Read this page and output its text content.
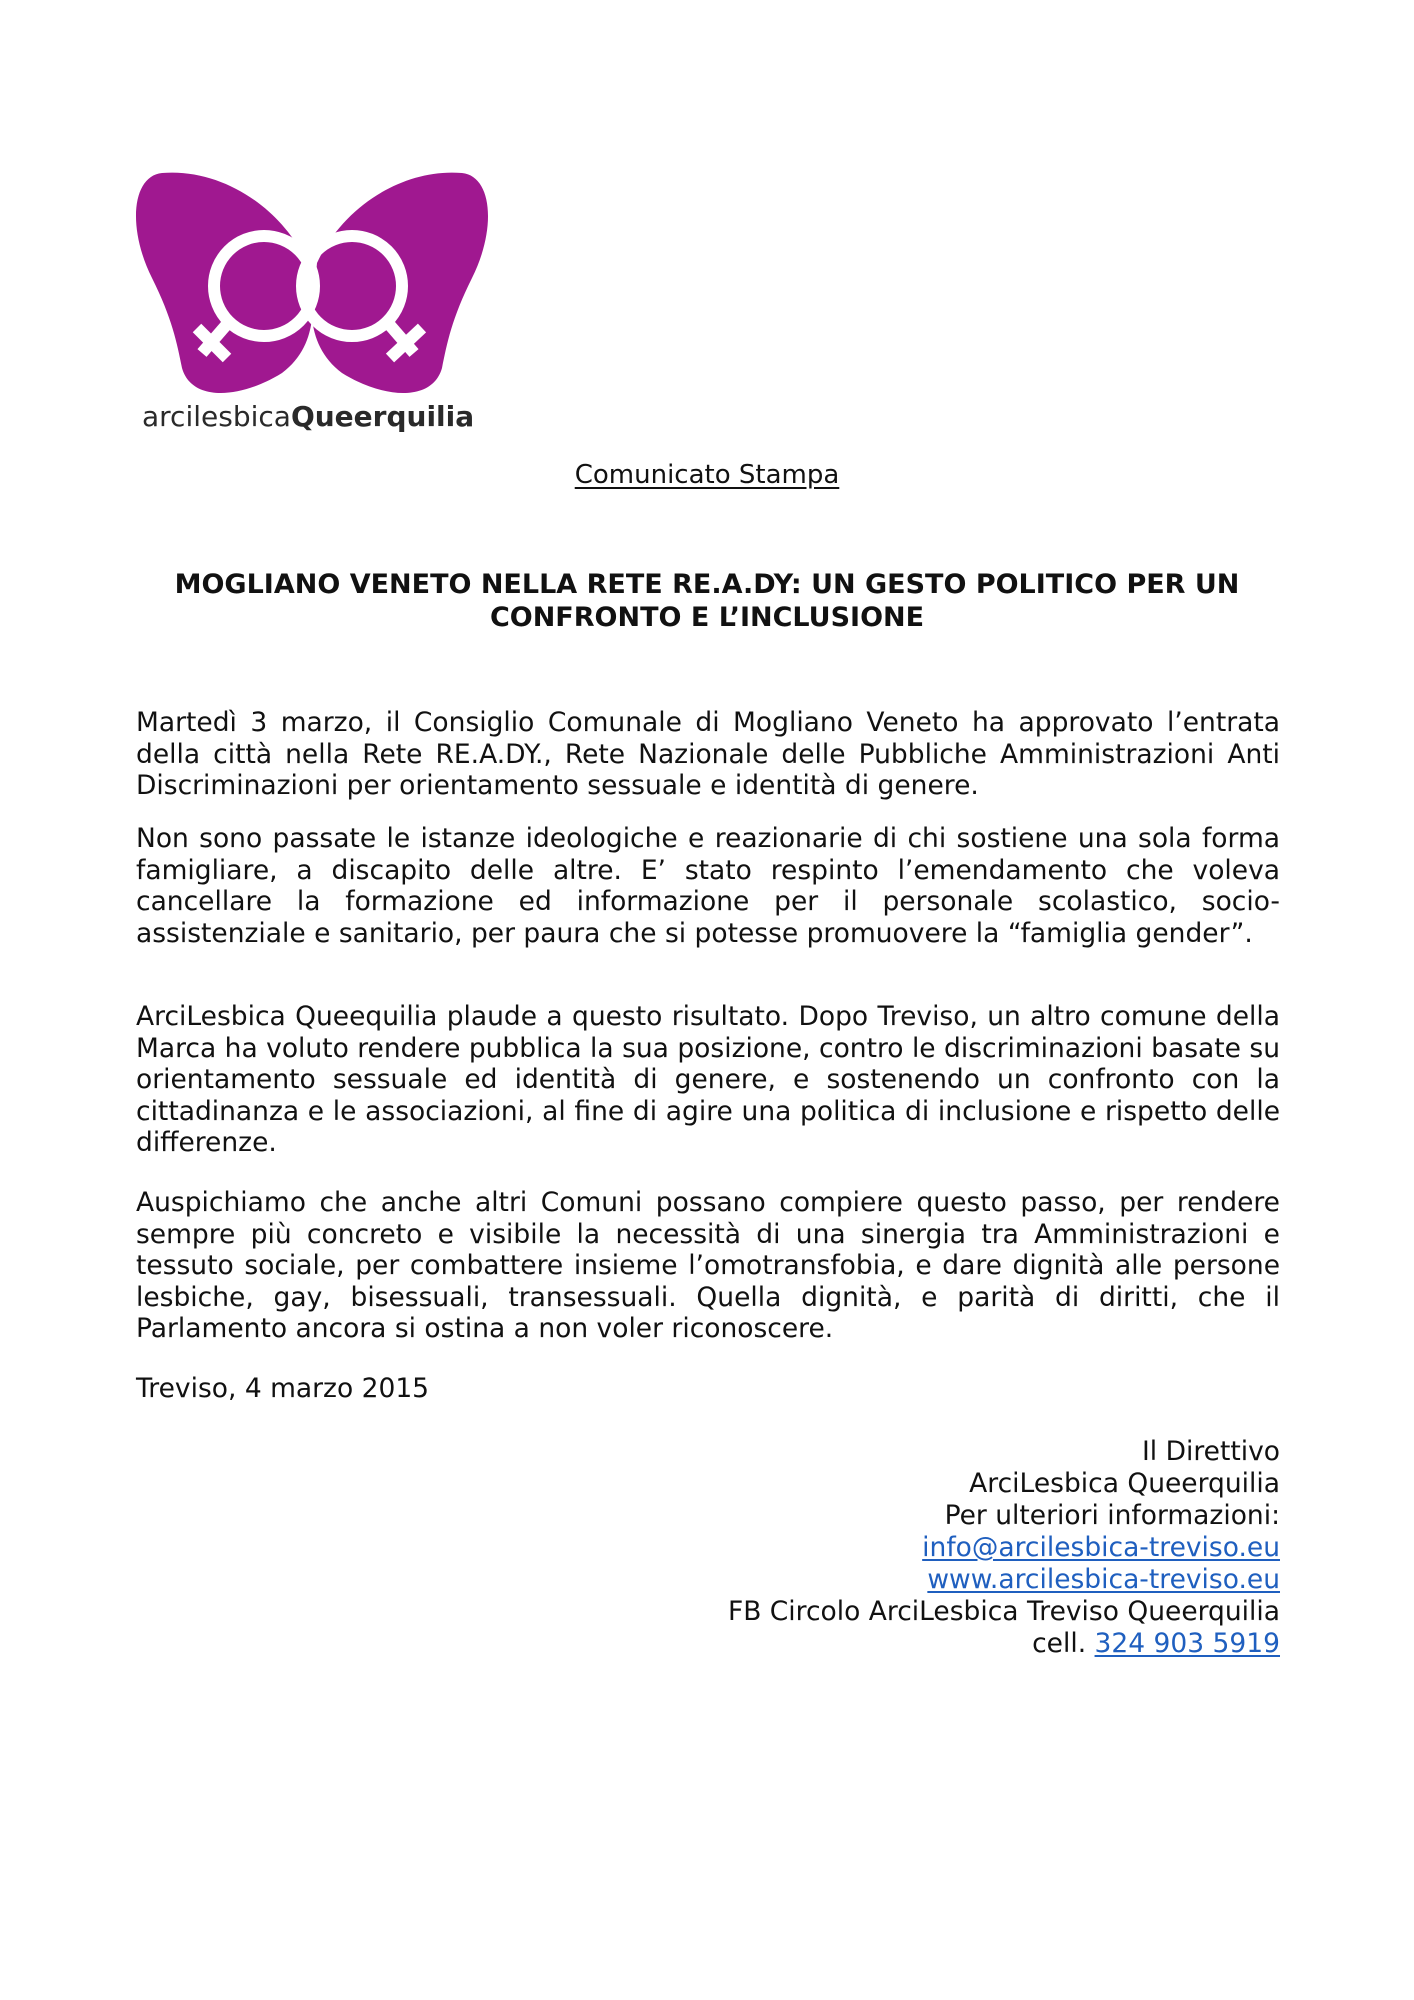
arcilesbicaQueerquilia
Comunicato Stampa
MOGLIANO VENETO NELLA RETE RE.A.DY: UN GESTO POLITICO PER UN
CONFRONTO E L’INCLUSIONE

Martedì 3 marzo, il Consiglio Comunale di Mogliano Veneto ha approvato l’entrata della città nella Rete RE.A.DY., Rete Nazionale delle Pubbliche Amministrazioni Anti Discriminazioni per orientamento sessuale e identità di genere.

Non sono passate le istanze ideologiche e reazionarie di chi sostiene una sola forma famigliare, a discapito delle altre. E’ stato respinto l’emendamento che voleva cancellare la formazione ed informazione per il personale scolastico, socio-assistenziale e sanitario, per paura che si potesse promuovere la “famiglia gender”.

ArciLesbica Queequilia plaude a questo risultato. Dopo Treviso, un altro comune della Marca ha voluto rendere pubblica la sua posizione, contro le discriminazioni basate su orientamento sessuale ed identità di genere, e sostenendo un confronto con la cittadinanza e le associazioni, al fine di agire una politica di inclusione e rispetto delle differenze.

Auspichiamo che anche altri Comuni possano compiere questo passo, per rendere sempre più concreto e visibile la necessità di una sinergia tra Amministrazioni e tessuto sociale, per combattere insieme l’omotransfobia, e dare dignità alle persone lesbiche, gay, bisessuali, transessuali. Quella dignità, e parità di diritti, che il Parlamento ancora si ostina a non voler riconoscere.

Treviso, 4 marzo 2015
Il Direttivo
ArciLesbica Queerquilia
Per ulteriori informazioni:
info@arcilesbica-treviso.eu
www.arcilesbica-treviso.eu
FB Circolo ArciLesbica Treviso Queerquilia
cell. 324 903 5919
